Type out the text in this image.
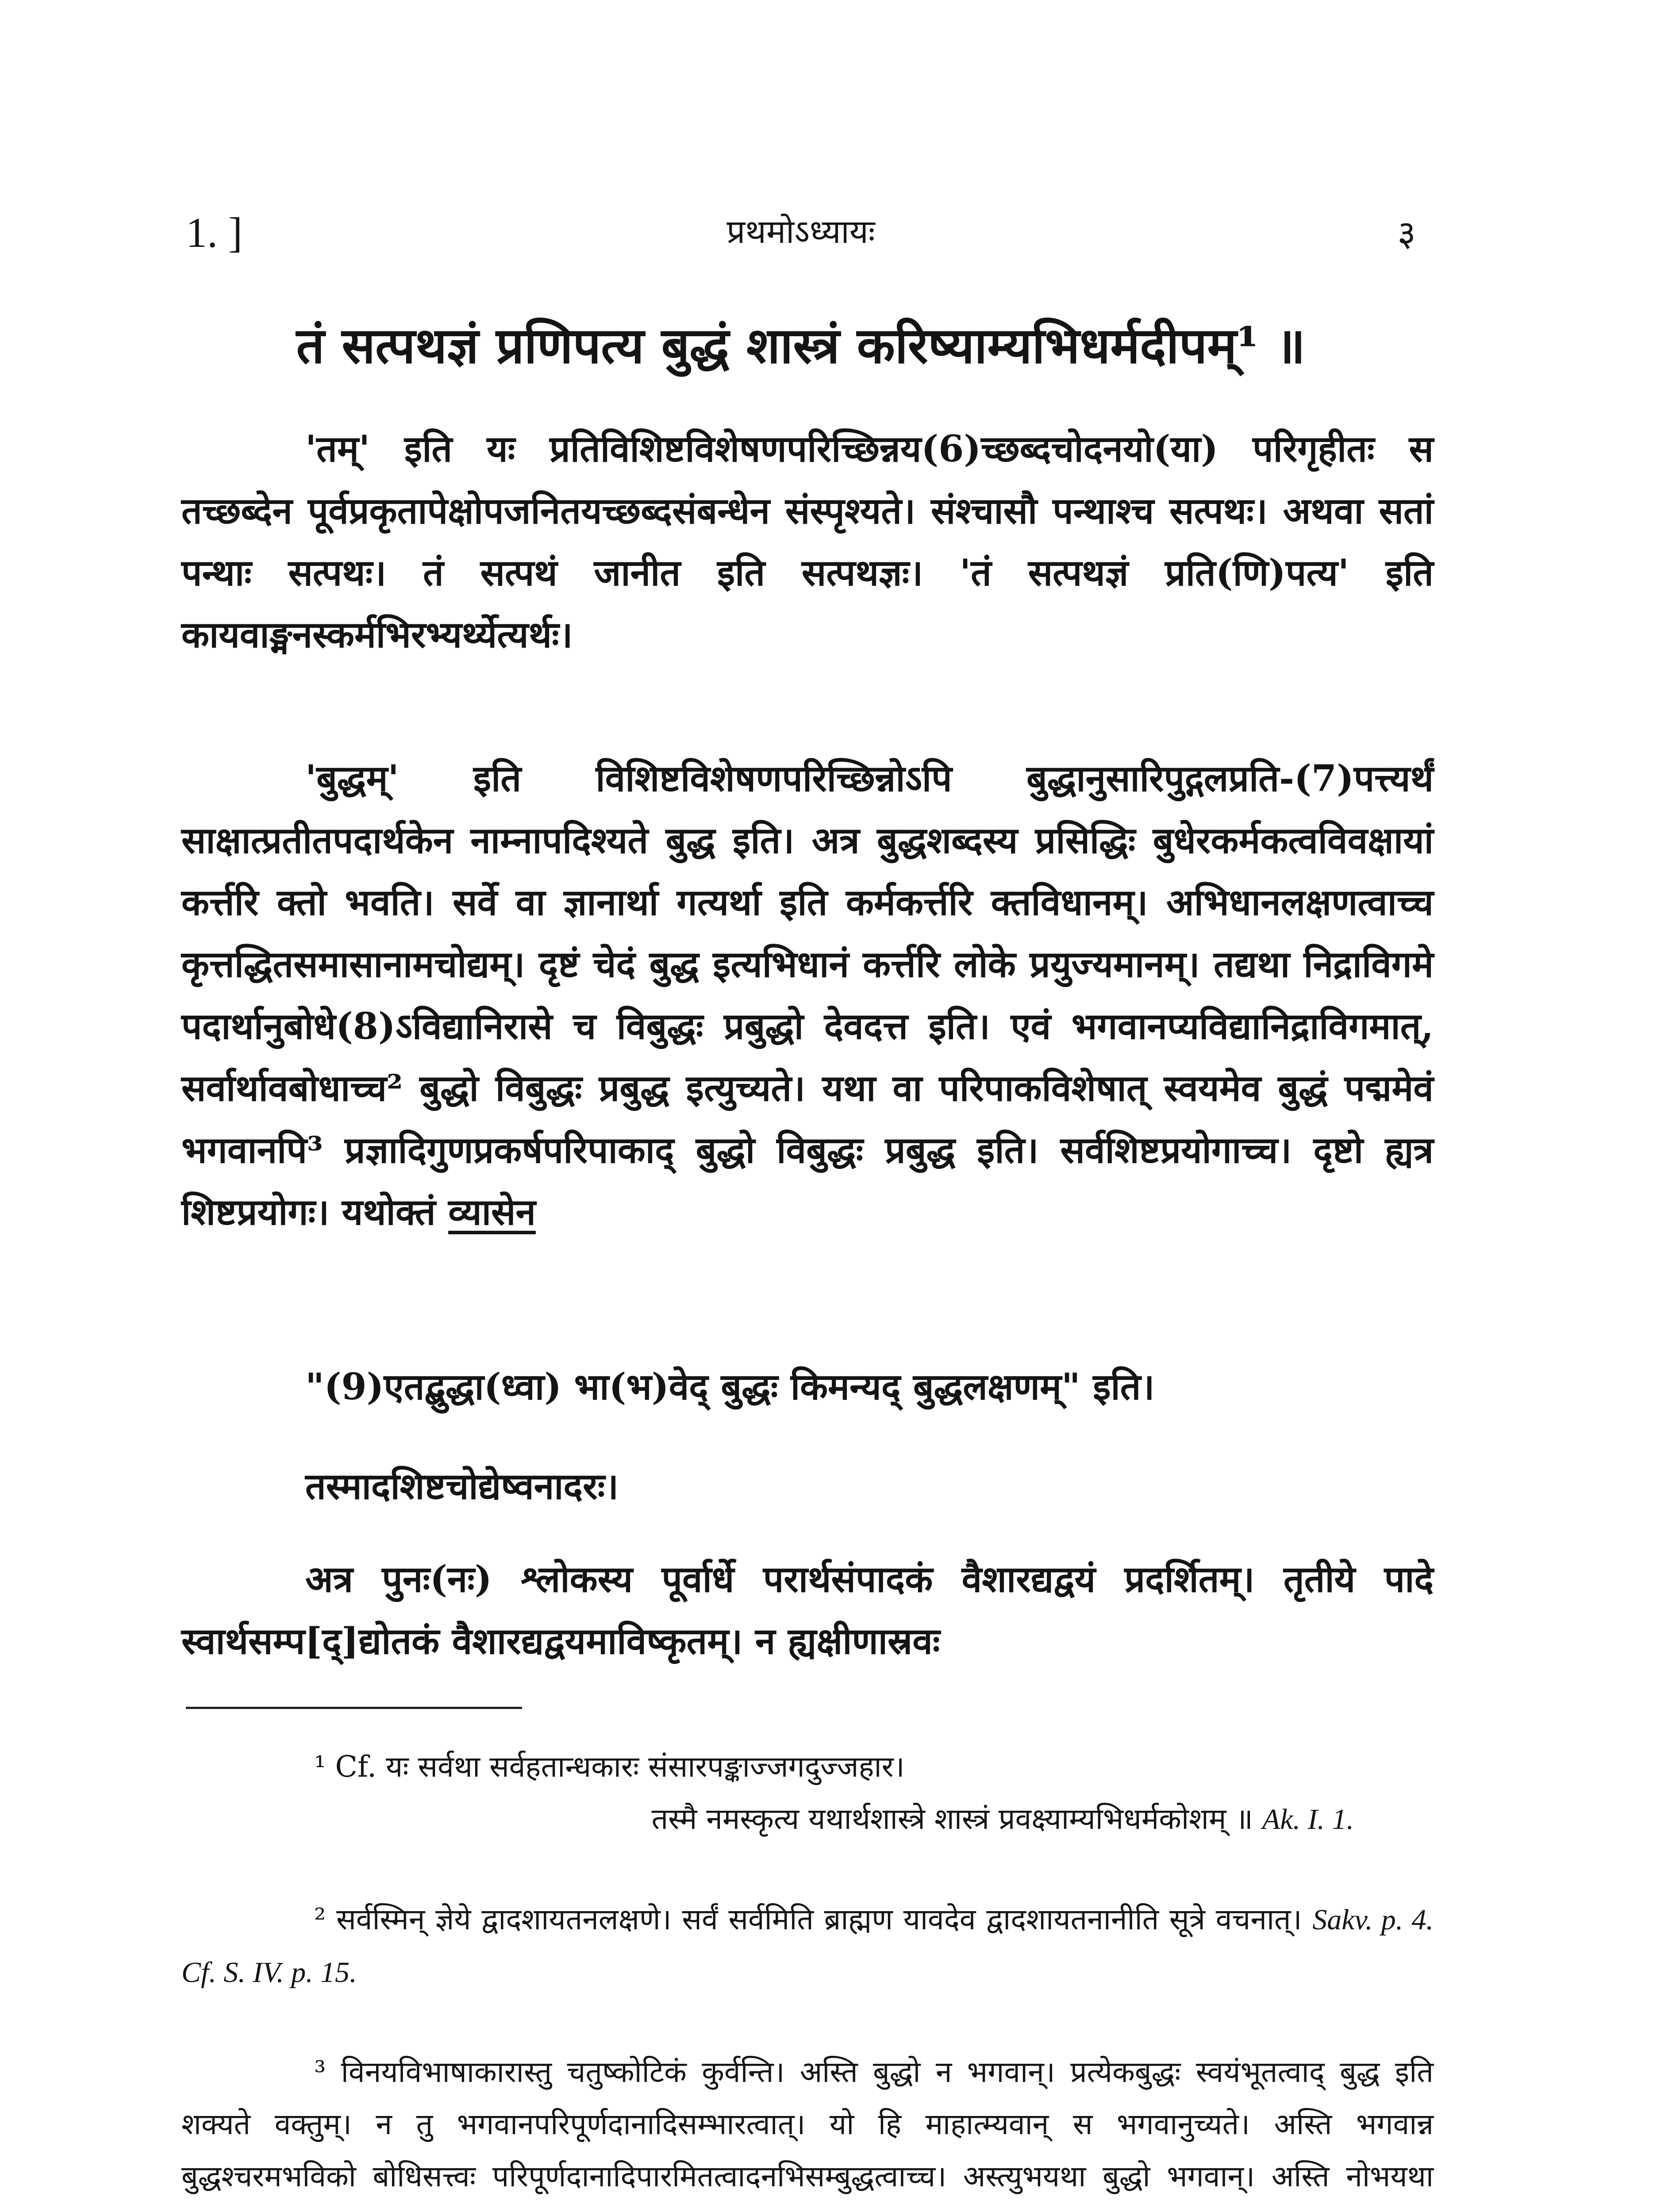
1. ]	प्रथमोऽध्यायः	३
तं सत्पथज्ञं प्रणिपत्य बुद्धं शास्त्रं करिष्याम्यभिधर्मदीपम्¹ ॥
'तम्' इति यः प्रतिविशिष्टविशेषणपरिच्छिन्नय(6)च्छब्दचोदनयो(या) परिगृहीतः स तच्छब्देन पूर्वप्रकृतापेक्षोपजनितयच्छब्दसंबन्धेन संस्पृश्यते। संश्चासौ पन्थाश्च सत्पथः। अथवा सतां पन्थाः सत्पथः। तं सत्पथं जानीत इति सत्पथज्ञः। 'तं सत्पथज्ञं प्रति(णि)पत्य' इति कायवाङ्मनस्कर्मभिरभ्यर्थ्येत्यर्थः।
'बुद्धम्' इति विशिष्टविशेषणपरिच्छिन्नोऽपि बुद्धानुसारिपुद्गलप्रति-(7)पत्त्यर्थं साक्षात्प्रतीतपदार्थकेन नाम्नापदिश्यते बुद्ध इति। अत्र बुद्धशब्दस्य प्रसिद्धिः बुधेरकर्मकत्वविवक्षायां कर्त्तरि क्तो भवति। सर्वे वा ज्ञानार्था गत्यर्था इति कर्मकर्त्तरि क्तविधानम्। अभिधानलक्षणत्वाच्च कृत्तद्धितसमासानामचोद्यम्। दृष्टं चेदं बुद्ध इत्यभिधानं कर्त्तरि लोके प्रयुज्यमानम्। तद्यथा निद्राविगमे पदार्थानुबोधे(8)ऽविद्यानिरासे च विबुद्धः प्रबुद्धो देवदत्त इति। एवं भगवानप्यविद्यानिद्राविगमात्, सर्वार्थावबोधाच्च² बुद्धो विबुद्धः प्रबुद्ध इत्युच्यते। यथा वा परिपाकविशेषात् स्वयमेव बुद्धं पद्ममेवं भगवानपि³ प्रज्ञादिगुणप्रकर्षपरिपाकाद् बुद्धो विबुद्धः प्रबुद्ध इति। सर्वशिष्टप्रयोगाच्च। दृष्टो ह्यत्र शिष्टप्रयोगः। यथोक्तं व्यासेन
"(9)एतद्बुद्धा(ध्वा) भा(भ)वेद् बुद्धः किमन्यद् बुद्धलक्षणम्" इति।
तस्मादशिष्टचोद्येष्वनादरः।
अत्र पुनः(नः) श्लोकस्य पूर्वार्धे परार्थसंपादकं वैशारद्यद्वयं प्रदर्शितम्। तृतीये पादे स्वार्थसम्प[द्]द्योतकं वैशारद्यद्वयमाविष्कृतम्। न ह्यक्षीणास्रवः
¹ Cf. यः सर्वथा सर्वहतान्धकारः संसारपङ्काज्जगदुज्जहार।
तस्मै नमस्कृत्य यथार्थशास्त्रे शास्त्रं प्रवक्ष्याम्यभिधर्मकोशम् ॥ Ak. I. 1.
² सर्वस्मिन् ज्ञेये द्वादशायतनलक्षणे। सर्वं सर्वमिति ब्राह्मण यावदेव द्वादशायतनानीति सूत्रे वचनात्। Sakv. p. 4. Cf. S. IV. p. 15.
³ विनयविभाषाकारास्तु चतुष्कोटिकं कुर्वन्ति। अस्ति बुद्धो न भगवान्। प्रत्येकबुद्धः स्वयंभूतत्वाद् बुद्ध इति शक्यते वक्तुम्। न तु भगवानपरिपूर्णदानादिसम्भारत्वात्। यो हि माहात्म्यवान् स भगवानुच्यते। अस्ति भगवान्न बुद्धश्चरमभविको बोधिसत्त्वः परिपूर्णदानादिपारमितत्वादनभिसम्बुद्धत्वाच्च। अस्त्युभयथा बुद्धो भगवान्। अस्ति नोभयथा
